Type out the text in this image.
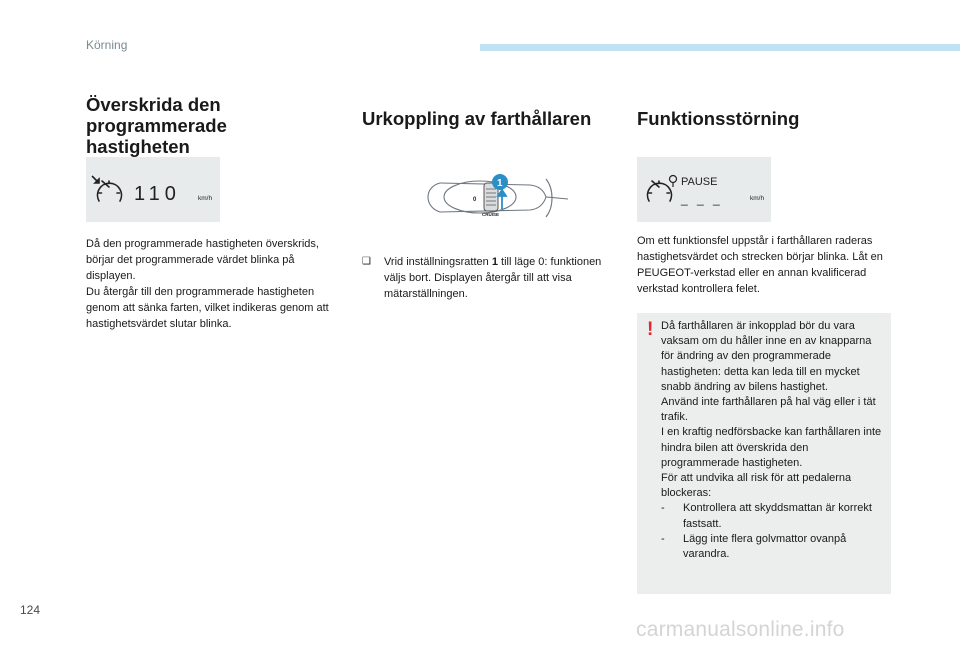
Körning
Överskrida den
programmerade
hastigheten
110	km/h

Då den programmerade hastigheten överskrids, börjar det programmerade värdet blinka på displayen.

Du återgår till den programmerade hastigheten genom att sänka farten, vilket indikeras genom att hastighetsvärdet slutar blinka.

Urkoppling av farthållaren
0
CRUISE
1
❑	Vrid inställningsratten 1 till läge 0: funktionen väljs bort. Displayen återgår till att visa mätarställningen.

Funktionsstörning
PAUSE
_ _ _	km/h

Om ett funktionsfel uppstår i farthållaren raderas hastighetsvärdet och strecken börjar blinka. Låt en PEUGEOT-verkstad eller en annan kvalificerad verkstad kontrollera felet.

! Då farthållaren är inkopplad bör du vara vaksam om du håller inne en av knapparna för ändring av den programmerade hastigheten: detta kan leda till en mycket snabb ändring av bilens hastighet.
Använd inte farthållaren på hal väg eller i tät trafik.
I en kraftig nedförsbacke kan farthållaren inte hindra bilen att överskrida den programmerade hastigheten.
För att undvika all risk för att pedalerna blockeras:
-	Kontrollera att skyddsmattan är korrekt fastsatt.
-	Lägg inte flera golvmattor ovanpå varandra.
124
carmanualsonline.info
